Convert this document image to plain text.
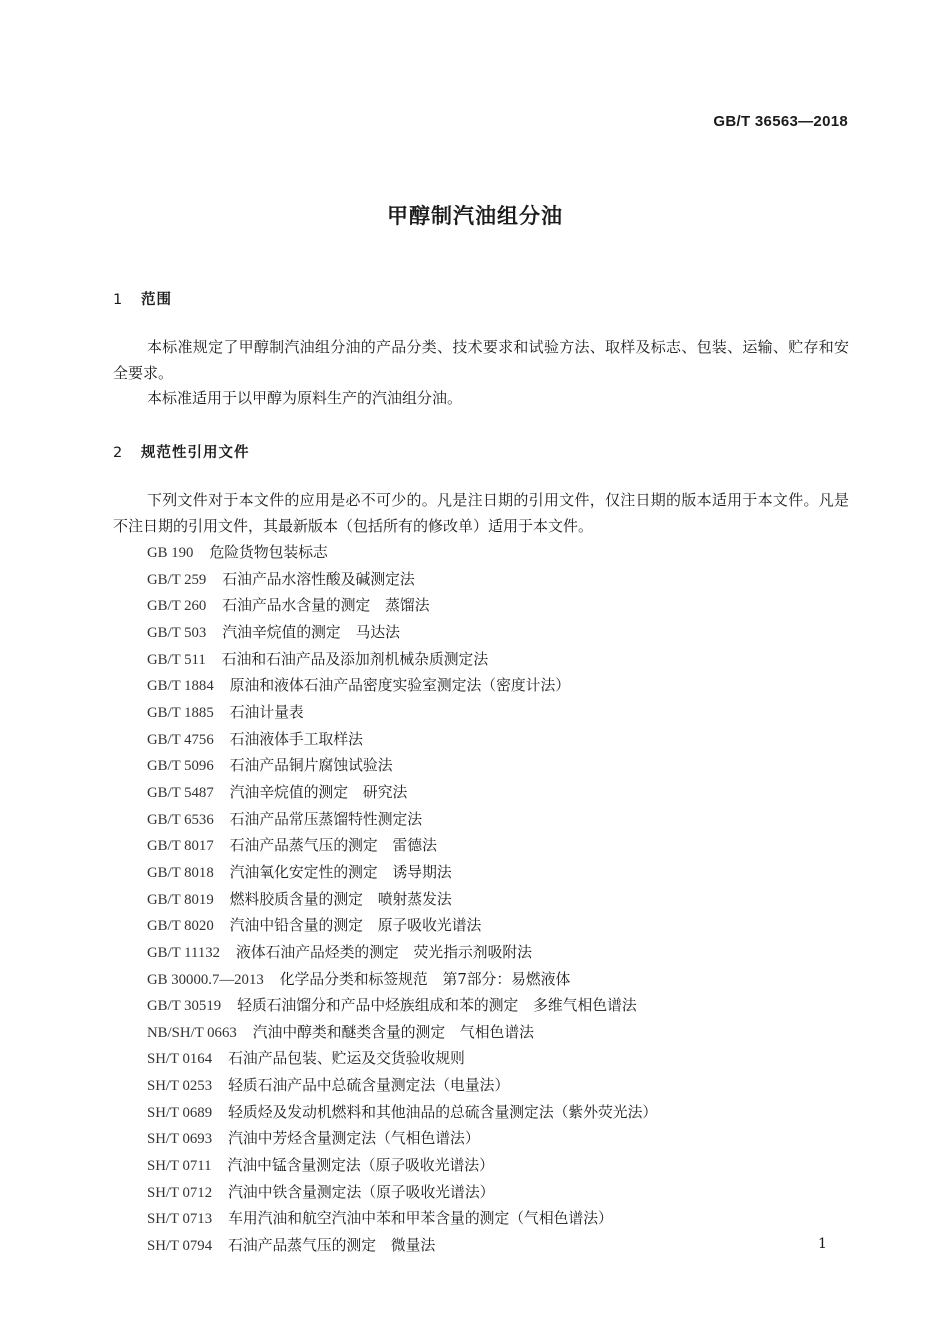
GB/T 36563—2018
甲醇制汽油组分油
1 范围

本标准规定了甲醇制汽油组分油的产品分类、技术要求和试验方法、取样及标志、包装、运输、贮存和安全要求。

本标准适用于以甲醇为原料生产的汽油组分油。

2 规范性引用文件

下列文件对于本文件的应用是必不可少的。凡是注日期的引用文件，仅注日期的版本适用于本文件。凡是不注日期的引用文件，其最新版本（包括所有的修改单）适用于本文件。

GB 190 危险货物包装标志
GB/T 259 石油产品水溶性酸及碱测定法
GB/T 260 石油产品水含量的测定　蒸馏法
GB/T 503 汽油辛烷值的测定　马达法
GB/T 511 石油和石油产品及添加剂机械杂质测定法
GB/T 1884 原油和液体石油产品密度实验室测定法（密度计法）
GB/T 1885 石油计量表
GB/T 4756 石油液体手工取样法
GB/T 5096 石油产品铜片腐蚀试验法
GB/T 5487 汽油辛烷值的测定　研究法
GB/T 6536 石油产品常压蒸馏特性测定法
GB/T 8017 石油产品蒸气压的测定　雷德法
GB/T 8018 汽油氧化安定性的测定　诱导期法
GB/T 8019 燃料胶质含量的测定　喷射蒸发法
GB/T 8020 汽油中铅含量的测定　原子吸收光谱法
GB/T 11132 液体石油产品烃类的测定　荧光指示剂吸附法
GB 30000.7—2013 化学品分类和标签规范　第7部分：易燃液体
GB/T 30519 轻质石油馏分和产品中烃族组成和苯的测定　多维气相色谱法
NB/SH/T 0663 汽油中醇类和醚类含量的测定　气相色谱法
SH/T 0164 石油产品包装、贮运及交货验收规则
SH/T 0253 轻质石油产品中总硫含量测定法（电量法）
SH/T 0689 轻质烃及发动机燃料和其他油品的总硫含量测定法（紫外荧光法）
SH/T 0693 汽油中芳烃含量测定法（气相色谱法）
SH/T 0711 汽油中锰含量测定法（原子吸收光谱法）
SH/T 0712 汽油中铁含量测定法（原子吸收光谱法）
SH/T 0713 车用汽油和航空汽油中苯和甲苯含量的测定（气相色谱法）
SH/T 0794 石油产品蒸气压的测定　微量法	1
